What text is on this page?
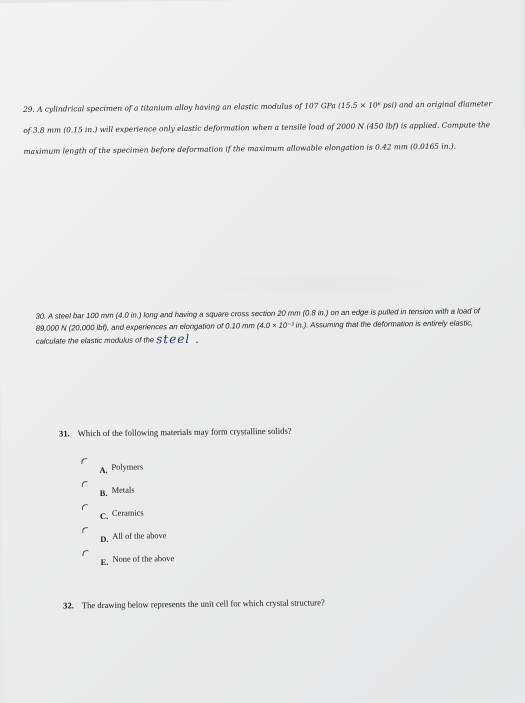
29. A cylindrical specimen of a titanium alloy having an elastic modulus of 107 GPa (15.5 × 10⁶ psi) and an original diameter of 3.8 mm (0.15 in.) will experience only elastic deformation when a tensile load of 2000 N (450 lbf) is applied. Compute the maximum length of the specimen before deformation if the maximum allowable elongation is 0.42 mm (0.0165 in.).

30. A steel bar 100 mm (4.0 in.) long and having a square cross section 20 mm (0.8 in.) on an edge is pulled in tension with a load of 89,000 N (20,000 lbf), and experiences an elongation of 0.10 mm (4.0 × 10⁻³ in.). Assuming that the deformation is entirely elastic, calculate the elastic modulus of the steel .

31. Which of the following materials may form crystalline solids?

A. Polymers
B. Metals
C. Ceramics
D. All of the above
E. None of the above

32. The drawing below represents the unit cell for which crystal structure?
